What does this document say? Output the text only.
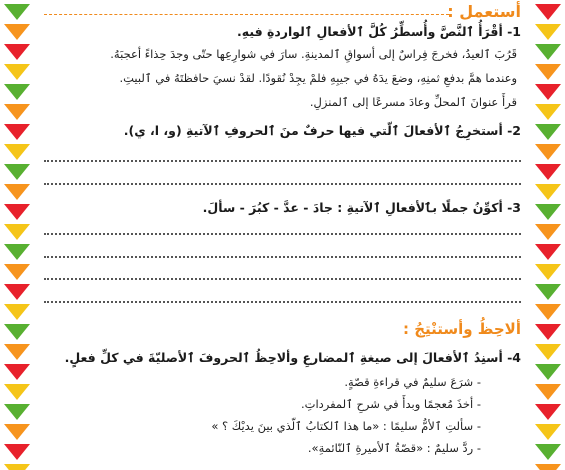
أستعمل :
1- أقْرَأُ ٱلنَّصَّ وأُسطِّرُ كُلَّ ٱلأفعالِ ٱلواردةِ فيهِ.
قَرُبَ ٱلعيدُ، فخرجَ فِراسٌ إلى أسواقِ ٱلمدينةِ. سارَ في شوارِعِها حتّى وجدَ حِذاءً أعجبَهُ.
وعندما همَّ بدفعِ ثمنِهِ، وضعَ يدَهُ في جيبِهِ فلمْ يجِدْ نُقودًا. لقدْ نسيَ حافظتَهُ في ٱلبيتِ.
قرأَ عنوانَ ٱلمحلِّ وعادَ مسرعًا إلى ٱلمنزلِ.
2- أستخرِجُ ٱلأفعالَ ٱلّتي فيها حرفٌ منَ ٱلحروفِ ٱلآتيةِ (و، ا، ي).
3- أكوِّنُ جملًا بٱلأفعالِ ٱلآتيةِ : جادَ - عدَّ - كبُرَ - سألَ.
ألاحِظُ وأستنْتِجُ :
4- أسنِدُ ٱلأفعالَ إلى صيغةِ ٱلمضارعِ وألاحِظُ ٱلحروفَ ٱلأصليّةَ في كلِّ فعلٍ.
- شرَعَ سليمٌ في قراءةِ قصّةٍ.
- أخذَ مُعجمًا وبدأَ في شرحِ ٱلمفرداتِ.
- سألتِ ٱلأمُّ سليمًا : «ما هذا ٱلكتابُ ٱلّذي بينَ يديْكَ ؟ »
- ردَّ سليمٌ : «قصّةُ ٱلأميرةِ ٱلنّائمةِ».
